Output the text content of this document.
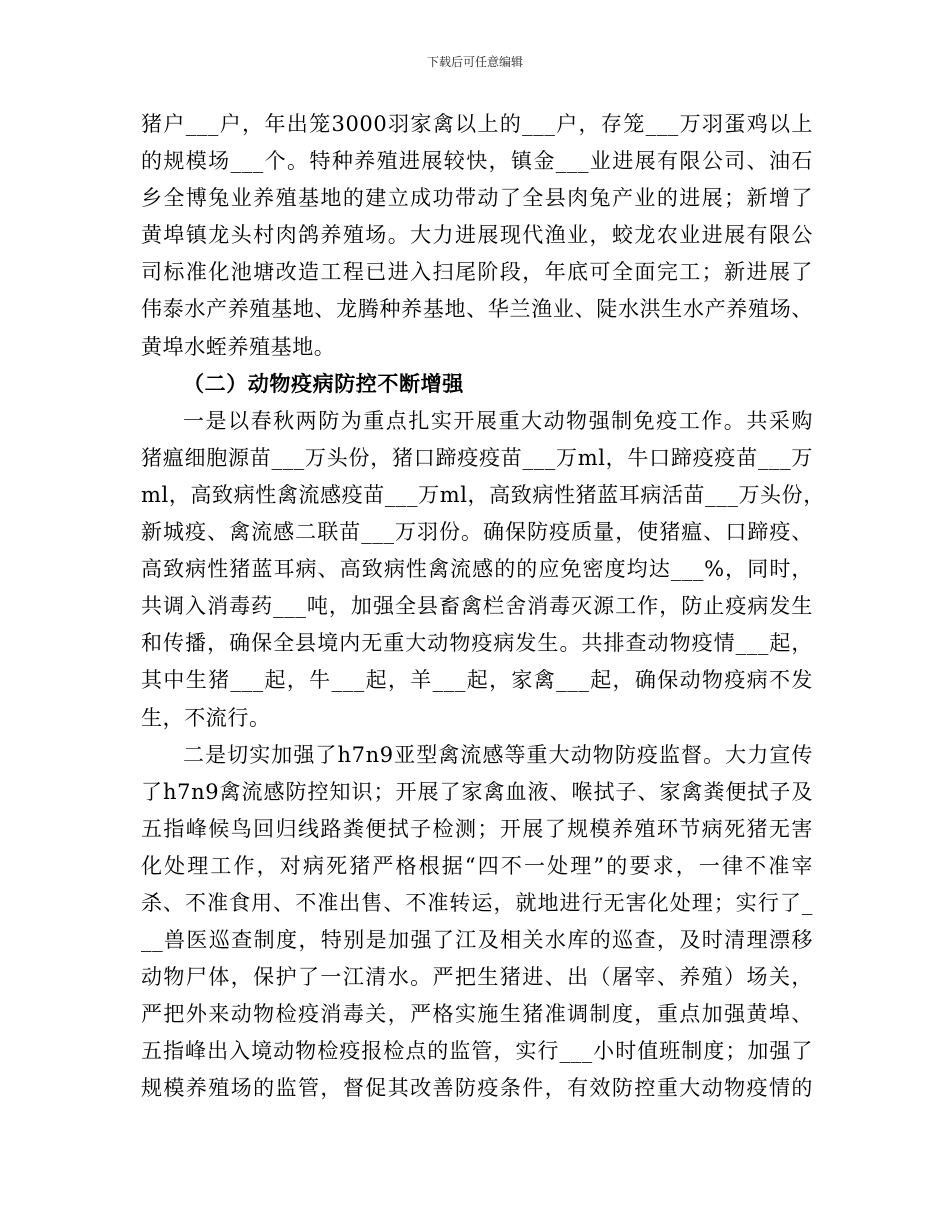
下载后可任意编辑
猪户___户，年出笼3000羽家禽以上的___户，存笼___万羽蛋鸡以上
的规模场___个。特种养殖进展较快，镇金___业进展有限公司、油石
乡全博兔业养殖基地的建立成功带动了全县肉兔产业的进展；新增了
黄埠镇龙头村肉鸽养殖场。大力进展现代渔业，蛟龙农业进展有限公
司标准化池塘改造工程已进入扫尾阶段，年底可全面完工；新进展了
伟泰水产养殖基地、龙腾种养基地、华兰渔业、陡水洪生水产养殖场、
黄埠水蛭养殖基地。
（二）动物疫病防控不断增强
一是以春秋两防为重点扎实开展重大动物强制免疫工作。共采购
猪瘟细胞源苗___万头份，猪口蹄疫疫苗___万ml，牛口蹄疫疫苗___万
ml，高致病性禽流感疫苗___万ml，高致病性猪蓝耳病活苗___万头份，
新城疫、禽流感二联苗___万羽份。确保防疫质量，使猪瘟、口蹄疫、
高致病性猪蓝耳病、高致病性禽流感的的应免密度均达___%，同时，
共调入消毒药___吨，加强全县畜禽栏舍消毒灭源工作，防止疫病发生
和传播，确保全县境内无重大动物疫病发生。共排查动物疫情___起，
其中生猪___起，牛___起，羊___起，家禽___起，确保动物疫病不发
生，不流行。
二是切实加强了h7n9亚型禽流感等重大动物防疫监督。大力宣传
了h7n9禽流感防控知识；开展了家禽血液、喉拭子、家禽粪便拭子及
五指峰候鸟回归线路粪便拭子检测；开展了规模养殖环节病死猪无害
化处理工作，对病死猪严格根据“四不一处理”的要求，一律不准宰
杀、不准食用、不准出售、不准转运，就地进行无害化处理；实行了_
__兽医巡查制度，特别是加强了江及相关水库的巡查，及时清理漂移
动物尸体，保护了一江清水。严把生猪进、出（屠宰、养殖）场关，
严把外来动物检疫消毒关，严格实施生猪准调制度，重点加强黄埠、
五指峰出入境动物检疫报检点的监管，实行___小时值班制度；加强了
规模养殖场的监管，督促其改善防疫条件，有效防控重大动物疫情的
